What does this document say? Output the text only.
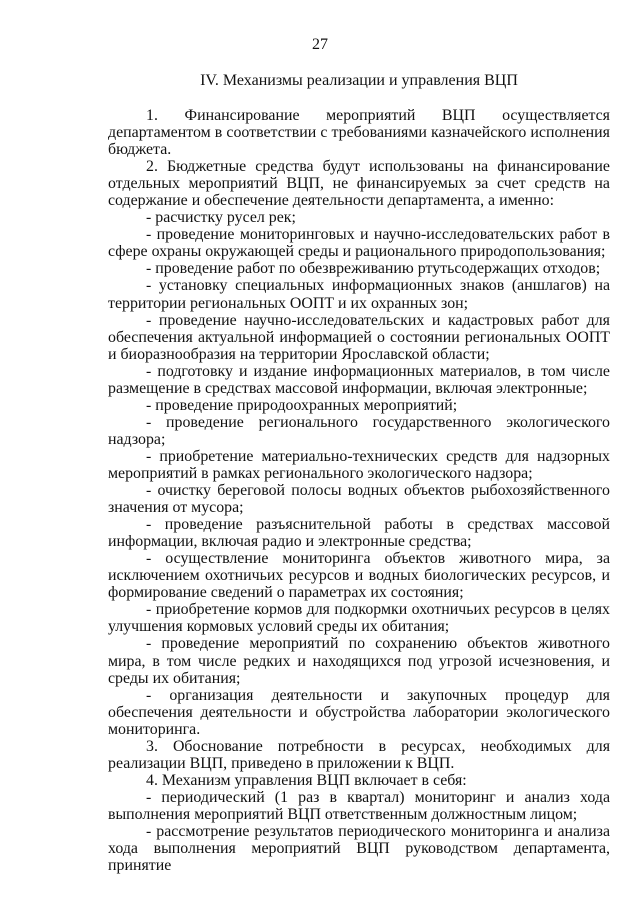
27
IV. Механизмы реализации и управления ВЦП

1. Финансирование мероприятий ВЦП осуществляется департаментом в соответствии с требованиями казначейского исполнения бюджета.

2. Бюджетные средства будут использованы на финансирование отдельных мероприятий ВЦП, не финансируемых за счет средств на содержание и обеспечение деятельности департамента, а именно:

- расчистку русел рек;

- проведение мониторинговых и научно-исследовательских работ в сфере охраны окружающей среды и рационального природопользования;

- проведение работ по обезвреживанию ртутьсодержащих отходов;

- установку специальных информационных знаков (аншлагов) на территории региональных ООПТ и их охранных зон;

- проведение научно-исследовательских и кадастровых работ для обеспечения актуальной информацией о состоянии региональных ООПТ и биоразнообразия на территории Ярославской области;

- подготовку и издание информационных материалов, в том числе размещение в средствах массовой информации, включая электронные;

- проведение природоохранных мероприятий;

- проведение регионального государственного экологического надзора;

- приобретение материально-технических средств для надзорных мероприятий в рамках регионального экологического надзора;

- очистку береговой полосы водных объектов рыбохозяйственного значения от мусора;

- проведение разъяснительной работы в средствах массовой информации, включая радио и электронные средства;

- осуществление мониторинга объектов животного мира, за исключением охотничьих ресурсов и водных биологических ресурсов, и формирование сведений о параметрах их состояния;

- приобретение кормов для подкормки охотничьих ресурсов в целях улучшения кормовых условий среды их обитания;

- проведение мероприятий по сохранению объектов животного мира, в том числе редких и находящихся под угрозой исчезновения, и среды их обитания;

- организация деятельности и закупочных процедур для обеспечения деятельности и обустройства лаборатории экологического мониторинга.

3. Обоснование потребности в ресурсах, необходимых для реализации ВЦП, приведено в приложении к ВЦП.

4. Механизм управления ВЦП включает в себя:

- периодический (1 раз в квартал) мониторинг и анализ хода выполнения мероприятий ВЦП ответственным должностным лицом;

- рассмотрение результатов периодического мониторинга и анализа хода выполнения мероприятий ВЦП руководством департамента, принятие
